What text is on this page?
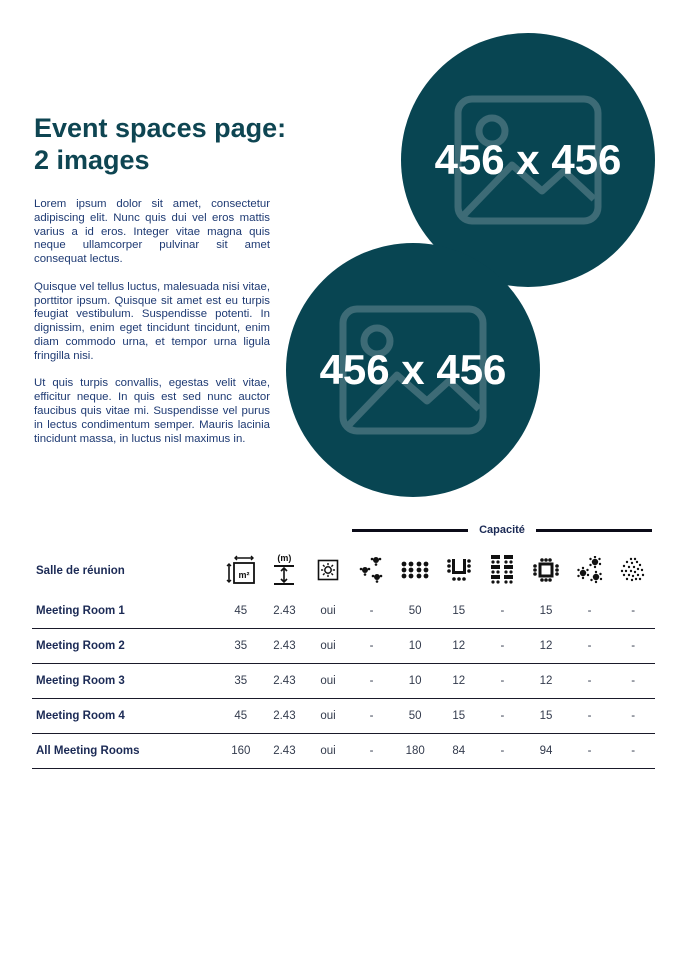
Event spaces page:
2 images

Lorem ipsum dolor sit amet, consectetur adipiscing elit. Nunc quis dui vel eros mattis varius a id eros. Integer vitae magna quis neque ullamcorper pulvinar sit amet consequat lectus.

Quisque vel tellus luctus, malesuada nisi vitae, porttitor ipsum. Quisque sit amet est eu turpis feugiat vestibulum. Suspendisse potenti. In dignissim, enim eget tincidunt tincidunt, enim diam commodo urna, et tempor urna ligula fringilla nisi.

Ut quis turpis convallis, egestas velit vitae, efficitur neque. In quis est sed nunc auctor faucibus quis vitae mi. Suspendisse vel purus in lectus condimentum semper. Mauris lacinia tincidunt massa, in luctus nisl maximus in.

456 x 456
456 x 456
Capacité
Salle de réunion	m²	(m)

Meeting Room 1	45	2.43	oui	-	50	15	-	15	-	-
Meeting Room 2	35	2.43	oui	-	10	12	-	12	-	-
Meeting Room 3	35	2.43	oui	-	10	12	-	12	-	-
Meeting Room 4	45	2.43	oui	-	50	15	-	15	-	-
All Meeting Rooms	160	2.43	oui	-	180	84	-	94	-	-
